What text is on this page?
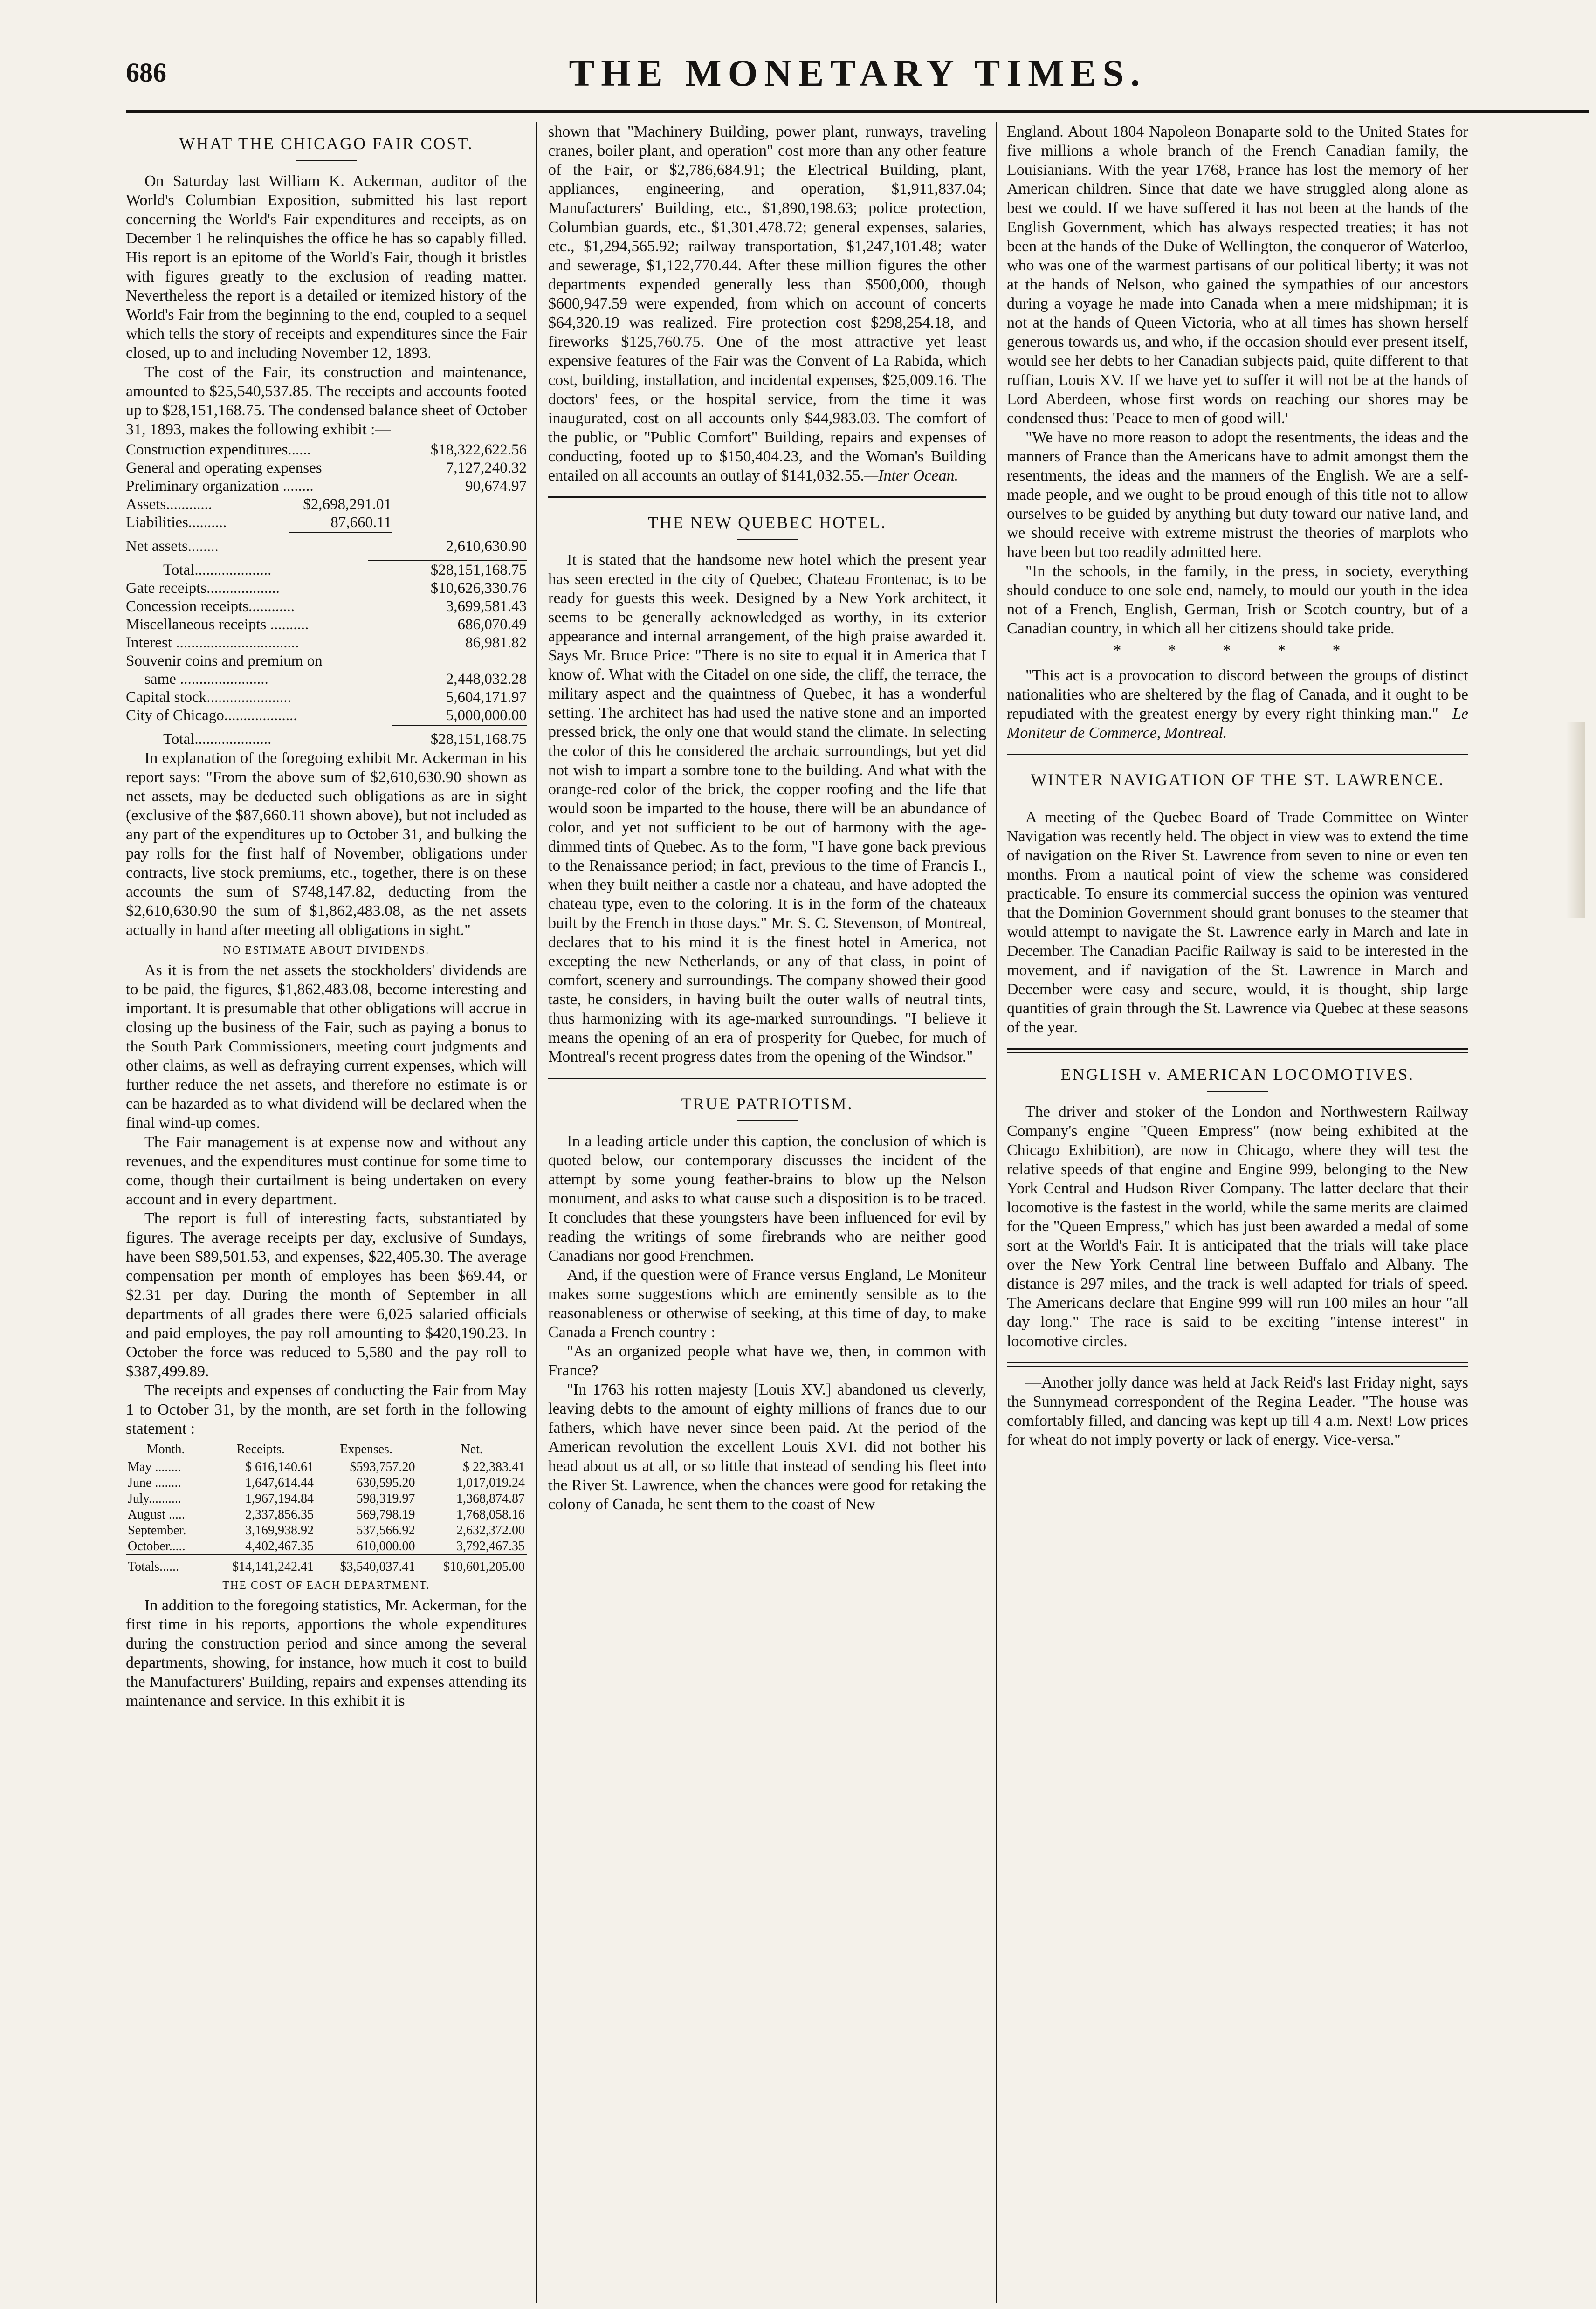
686	THE MONETARY TIMES.
WHAT THE CHICAGO FAIR COST.

On Saturday last William K. Ackerman, auditor of the World's Columbian Exposition, submitted his last report concerning the World's Fair expenditures and receipts, as on December 1 he relinquishes the office he has so capably filled. His report is an epitome of the World's Fair, though it bristles with figures greatly to the exclusion of reading matter. Nevertheless the report is a detailed or itemized history of the World's Fair from the beginning to the end, coupled to a sequel which tells the story of receipts and expenditures since the Fair closed, up to and including November 12, 1893.

The cost of the Fair, its construction and maintenance, amounted to $25,540,537.85. The receipts and accounts footed up to $28,151,168.75. The condensed balance sheet of October 31, 1893, makes the following exhibit :—

Construction expenditures......	$18,322,622.56
General and operating expenses	7,127,240.32
Preliminary organization ........	90,674.97
Assets............	$2,698,291.01
Liabilities..........	87,660.11
Net assets........	2,610,630.90
Total....................	$28,151,168.75
Gate receipts...................	$10,626,330.76
Concession receipts............	3,699,581.43
Miscellaneous receipts ..........	686,070.49
Interest ................................	86,981.82
Souvenir coins and premium on
same .......................	2,448,032.28
Capital stock......................	5,604,171.97
City of Chicago...................	5,000,000.00
Total....................	$28,151,168.75

In explanation of the foregoing exhibit Mr. Ackerman in his report says: "From the above sum of $2,610,630.90 shown as net assets, may be deducted such obligations as are in sight (exclusive of the $87,660.11 shown above), but not included as any part of the expenditures up to October 31, and bulking the pay rolls for the first half of November, obligations under contracts, live stock premiums, etc., together, there is on these accounts the sum of $748,147.82, deducting from the $2,610,630.90 the sum of $1,862,483.08, as the net assets actually in hand after meeting all obligations in sight."

NO ESTIMATE ABOUT DIVIDENDS.

As it is from the net assets the stockholders' dividends are to be paid, the figures, $1,862,483.08, become interesting and important. It is presumable that other obligations will accrue in closing up the business of the Fair, such as paying a bonus to the South Park Commissioners, meeting court judgments and other claims, as well as defraying current expenses, which will further reduce the net assets, and therefore no estimate is or can be hazarded as to what dividend will be declared when the final wind-up comes.

The Fair management is at expense now and without any revenues, and the expenditures must continue for some time to come, though their curtailment is being undertaken on every account and in every department.

The report is full of interesting facts, substantiated by figures. The average receipts per day, exclusive of Sundays, have been $89,501.53, and expenses, $22,405.30. The average compensation per month of employes has been $69.44, or $2.31 per day. During the month of September in all departments of all grades there were 6,025 salaried officials and paid employes, the pay roll amounting to $420,190.23. In October the force was reduced to 5,580 and the pay roll to $387,499.89.

The receipts and expenses of conducting the Fair from May 1 to October 31, by the month, are set forth in the following statement :

Month.	Receipts.	Expenses.	Net.
May ........	$ 616,140.61	$593,757.20	$ 22,383.41
June ........	1,647,614.44	630,595.20	1,017,019.24
July..........	1,967,194.84	598,319.97	1,368,874.87
August .....	2,337,856.35	569,798.19	1,768,058.16
September.	3,169,938.92	537,566.92	2,632,372.00
October.....	4,402,467.35	610,000.00	3,792,467.35
Totals......	$14,141,242.41	$3,540,037.41	$10,601,205.00
THE COST OF EACH DEPARTMENT.

In addition to the foregoing statistics, Mr. Ackerman, for the first time in his reports, apportions the whole expenditures during the construction period and since among the several departments, showing, for instance, how much it cost to build the Manufacturers' Building, repairs and expenses attending its maintenance and service. In this exhibit it is

shown that "Machinery Building, power plant, runways, traveling cranes, boiler plant, and operation" cost more than any other feature of the Fair, or $2,786,684.91; the Electrical Building, plant, appliances, engineering, and operation, $1,911,837.04; Manufacturers' Building, etc., $1,890,198.63; police protection, Columbian guards, etc., $1,301,478.72; general expenses, salaries, etc., $1,294,565.92; railway transportation, $1,247,101.48; water and sewerage, $1,122,770.44. After these million figures the other departments expended generally less than $500,000, though $600,947.59 were expended, from which on account of concerts $64,320.19 was realized. Fire protection cost $298,254.18, and fireworks $125,760.75. One of the most attractive yet least expensive features of the Fair was the Convent of La Rabida, which cost, building, installation, and incidental expenses, $25,009.16. The doctors' fees, or the hospital service, from the time it was inaugurated, cost on all accounts only $44,983.03. The comfort of the public, or "Public Comfort" Building, repairs and expenses of conducting, footed up to $150,404.23, and the Woman's Building entailed on all accounts an outlay of $141,032.55.—Inter Ocean.

THE NEW QUEBEC HOTEL.

It is stated that the handsome new hotel which the present year has seen erected in the city of Quebec, Chateau Frontenac, is to be ready for guests this week. Designed by a New York architect, it seems to be generally acknowledged as worthy, in its exterior appearance and internal arrangement, of the high praise awarded it. Says Mr. Bruce Price: "There is no site to equal it in America that I know of. What with the Citadel on one side, the cliff, the terrace, the military aspect and the quaintness of Quebec, it has a wonderful setting. The architect has had used the native stone and an imported pressed brick, the only one that would stand the climate. In selecting the color of this he considered the archaic surroundings, but yet did not wish to impart a sombre tone to the building. And what with the orange-red color of the brick, the copper roofing and the life that would soon be imparted to the house, there will be an abundance of color, and yet not sufficient to be out of harmony with the age-dimmed tints of Quebec. As to the form, "I have gone back previous to the Renaissance period; in fact, previous to the time of Francis I., when they built neither a castle nor a chateau, and have adopted the chateau type, even to the coloring. It is in the form of the chateaux built by the French in those days." Mr. S. C. Stevenson, of Montreal, declares that to his mind it is the finest hotel in America, not excepting the new Netherlands, or any of that class, in point of comfort, scenery and surroundings. The company showed their good taste, he considers, in having built the outer walls of neutral tints, thus harmonizing with its age-marked surroundings. "I believe it means the opening of an era of prosperity for Quebec, for much of Montreal's recent progress dates from the opening of the Windsor."

TRUE PATRIOTISM.

In a leading article under this caption, the conclusion of which is quoted below, our contemporary discusses the incident of the attempt by some young feather-brains to blow up the Nelson monument, and asks to what cause such a disposition is to be traced. It concludes that these youngsters have been influenced for evil by reading the writings of some firebrands who are neither good Canadians nor good Frenchmen.

And, if the question were of France versus England, Le Moniteur makes some suggestions which are eminently sensible as to the reasonableness or otherwise of seeking, at this time of day, to make Canada a French country :

"As an organized people what have we, then, in common with France?

"In 1763 his rotten majesty [Louis XV.] abandoned us cleverly, leaving debts to the amount of eighty millions of francs due to our fathers, which have never since been paid. At the period of the American revolution the excellent Louis XVI. did not bother his head about us at all, or so little that instead of sending his fleet into the River St. Lawrence, when the chances were good for retaking the colony of Canada, he sent them to the coast of New

England. About 1804 Napoleon Bonaparte sold to the United States for five millions a whole branch of the French Canadian family, the Louisianians. With the year 1768, France has lost the memory of her American children. Since that date we have struggled along alone as best we could. If we have suffered it has not been at the hands of the English Government, which has always respected treaties; it has not been at the hands of the Duke of Wellington, the conqueror of Waterloo, who was one of the warmest partisans of our political liberty; it was not at the hands of Nelson, who gained the sympathies of our ancestors during a voyage he made into Canada when a mere midshipman; it is not at the hands of Queen Victoria, who at all times has shown herself generous towards us, and who, if the occasion should ever present itself, would see her debts to her Canadian subjects paid, quite different to that ruffian, Louis XV. If we have yet to suffer it will not be at the hands of Lord Aberdeen, whose first words on reaching our shores may be condensed thus: 'Peace to men of good will.'

"We have no more reason to adopt the resentments, the ideas and the manners of France than the Americans have to admit amongst them the resentments, the ideas and the manners of the English. We are a self-made people, and we ought to be proud enough of this title not to allow ourselves to be guided by anything but duty toward our native land, and we should receive with extreme mistrust the theories of marplots who have been but too readily admitted here.

"In the schools, in the family, in the press, in society, everything should conduce to one sole end, namely, to mould our youth in the idea not of a French, English, German, Irish or Scotch country, but of a Canadian country, in which all her citizens should take pride.

* * * * *

"This act is a provocation to discord between the groups of distinct nationalities who are sheltered by the flag of Canada, and it ought to be repudiated with the greatest energy by every right thinking man."—Le Moniteur de Commerce, Montreal.

WINTER NAVIGATION OF THE ST. LAWRENCE.

A meeting of the Quebec Board of Trade Committee on Winter Navigation was recently held. The object in view was to extend the time of navigation on the River St. Lawrence from seven to nine or even ten months. From a nautical point of view the scheme was considered practicable. To ensure its commercial success the opinion was ventured that the Dominion Government should grant bonuses to the steamer that would attempt to navigate the St. Lawrence early in March and late in December. The Canadian Pacific Railway is said to be interested in the movement, and if navigation of the St. Lawrence in March and December were easy and secure, would, it is thought, ship large quantities of grain through the St. Lawrence via Quebec at these seasons of the year.

ENGLISH v. AMERICAN LOCOMOTIVES.

The driver and stoker of the London and Northwestern Railway Company's engine "Queen Empress" (now being exhibited at the Chicago Exhibition), are now in Chicago, where they will test the relative speeds of that engine and Engine 999, belonging to the New York Central and Hudson River Company. The latter declare that their locomotive is the fastest in the world, while the same merits are claimed for the "Queen Empress," which has just been awarded a medal of some sort at the World's Fair. It is anticipated that the trials will take place over the New York Central line between Buffalo and Albany. The distance is 297 miles, and the track is well adapted for trials of speed. The Americans declare that Engine 999 will run 100 miles an hour "all day long." The race is said to be exciting "intense interest" in locomotive circles.

—Another jolly dance was held at Jack Reid's last Friday night, says the Sunnymead correspondent of the Regina Leader. "The house was comfortably filled, and dancing was kept up till 4 a.m. Next! Low prices for wheat do not imply poverty or lack of energy. Vice-versa."
